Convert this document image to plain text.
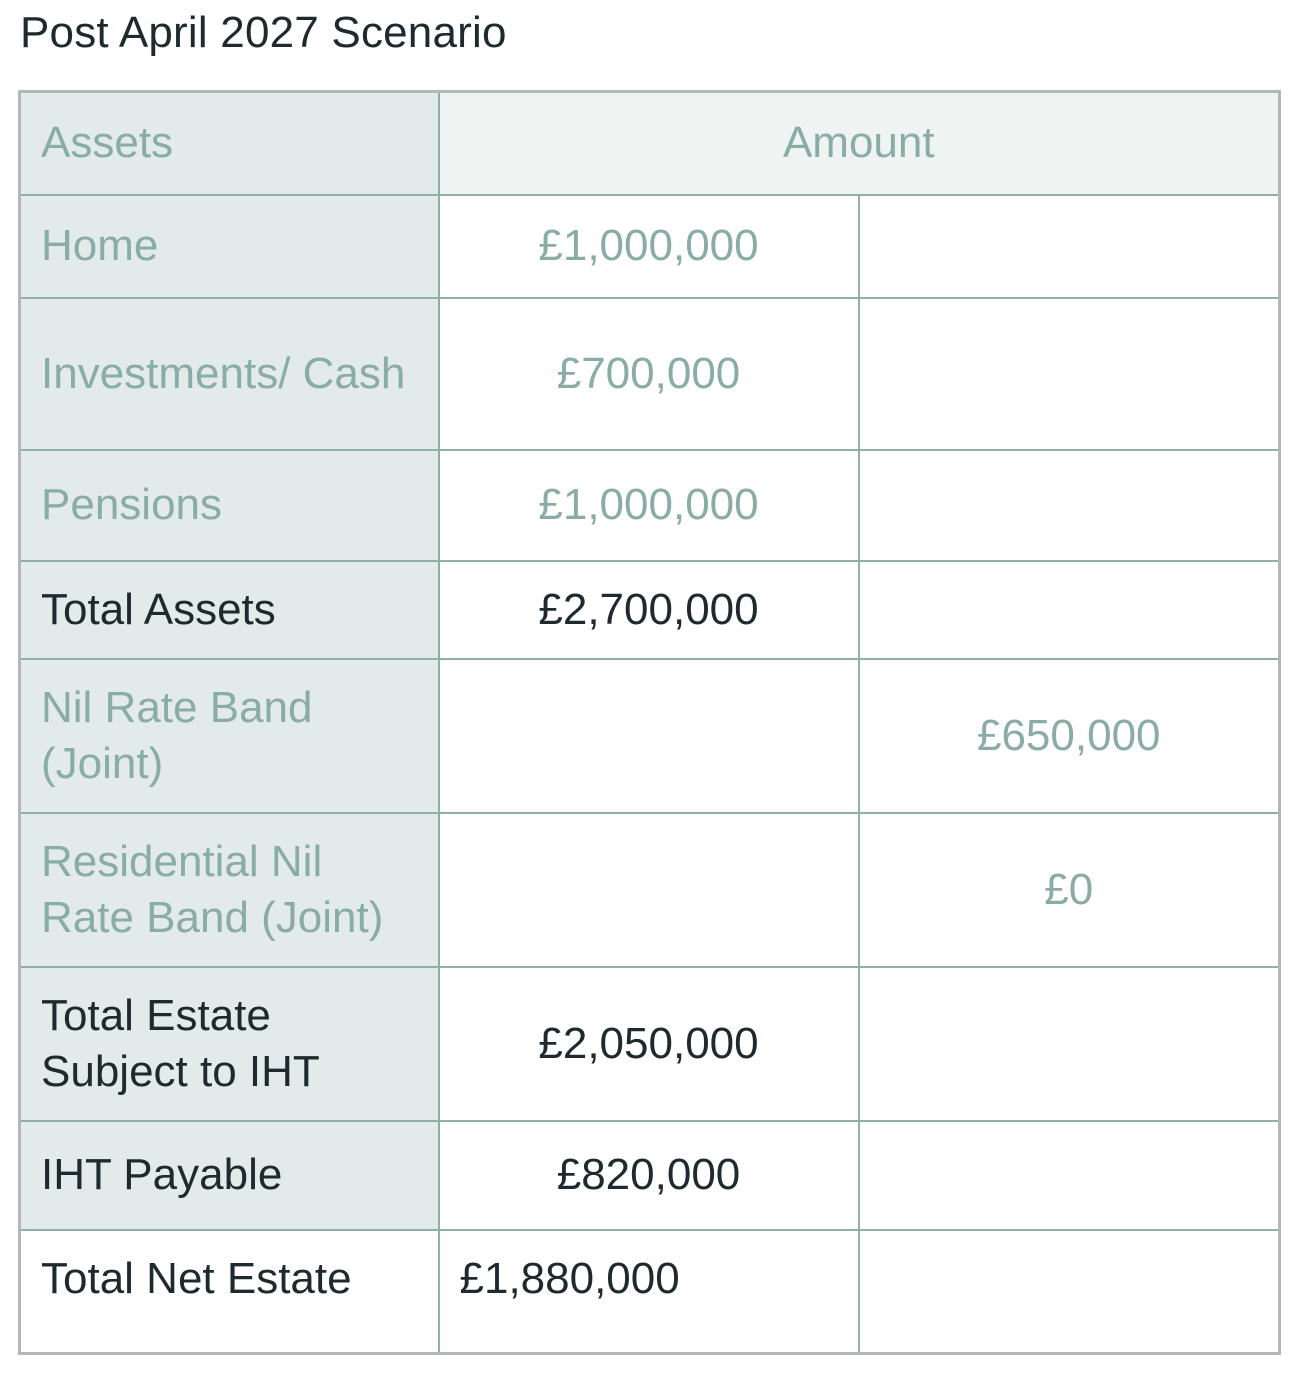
Post April 2027 Scenario
Assets	Amount	
Home	£1,000,000	
Investments/ Cash	£700,000	
Pensions	£1,000,000	
Total Assets	£2,700,000	
Nil Rate Band (Joint)		£650,000
Residential Nil Rate Band (Joint)		£0
Total Estate Subject to IHT	£2,050,000	
IHT Payable	£820,000	
Total Net Estate	£1,880,000	
